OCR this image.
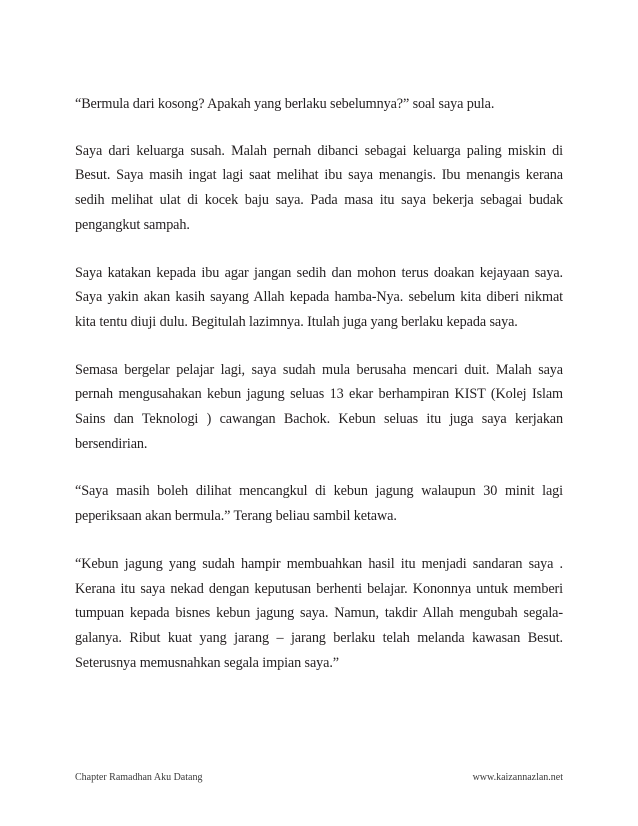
“Bermula dari kosong? Apakah yang berlaku sebelumnya?” soal saya pula.

Saya dari keluarga susah. Malah pernah dibanci sebagai keluarga paling miskin di Besut. Saya masih ingat lagi saat melihat ibu saya menangis. Ibu menangis kerana sedih melihat ulat di kocek baju saya. Pada masa itu saya bekerja sebagai budak pengangkut sampah.

Saya katakan kepada ibu agar jangan sedih dan mohon terus doakan kejayaan saya. Saya yakin akan kasih sayang Allah kepada hamba-Nya. sebelum kita diberi nikmat kita tentu diuji dulu. Begitulah lazimnya. Itulah juga yang berlaku kepada saya.

Semasa bergelar pelajar lagi, saya sudah mula berusaha mencari duit. Malah saya pernah mengusahakan kebun jagung seluas 13 ekar berhampiran KIST (Kolej Islam Sains dan Teknologi ) cawangan Bachok. Kebun seluas itu juga saya kerjakan bersendirian.

“Saya masih boleh dilihat mencangkul di kebun jagung walaupun 30 minit lagi peperiksaan akan bermula.” Terang beliau sambil ketawa.

“Kebun jagung yang sudah hampir membuahkan hasil itu menjadi sandaran saya . Kerana itu saya nekad dengan keputusan berhenti belajar. Kononnya untuk memberi tumpuan kepada bisnes kebun jagung saya. Namun, takdir Allah mengubah segala-galanya. Ribut kuat yang jarang – jarang berlaku telah melanda kawasan Besut. Seterusnya memusnahkan segala impian saya.”

Chapter Ramadhan Aku Datang	www.kaizannazlan.net
